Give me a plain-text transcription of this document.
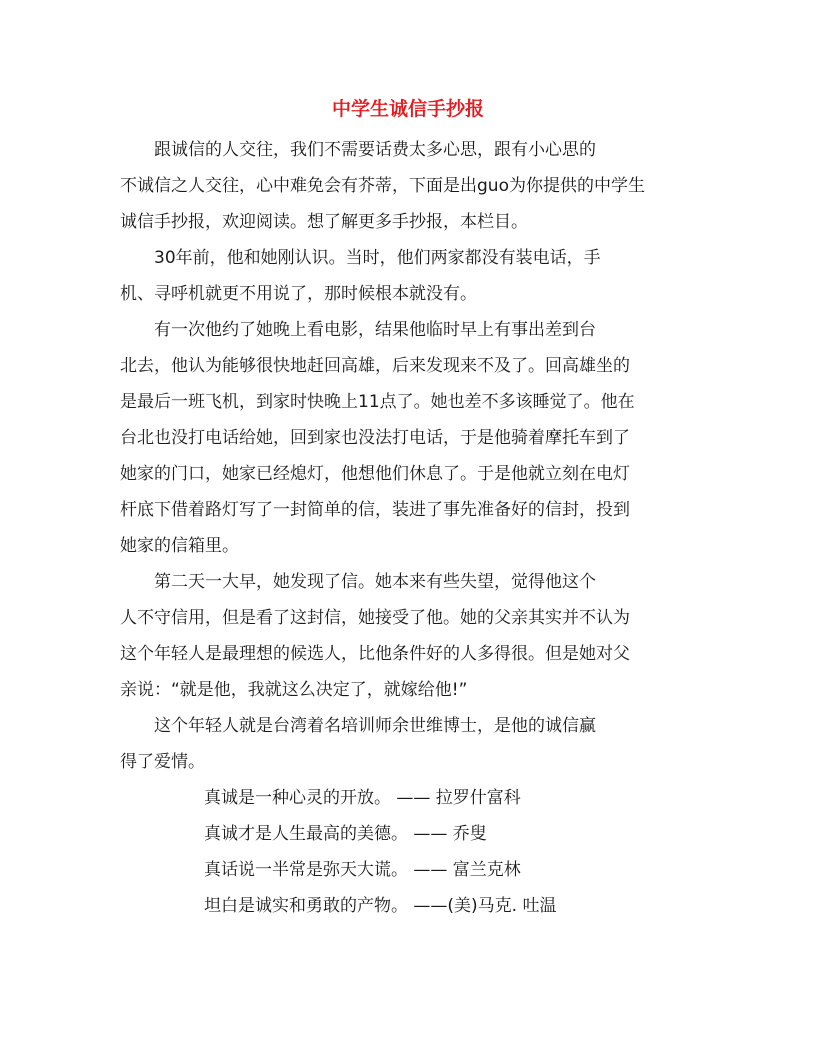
中学生诚信手抄报

跟诚信的人交往，我们不需要话费太多心思，跟有小心思的
不诚信之人交往，心中难免会有芥蒂，下面是出guo为你提供的中学生
诚信手抄报，欢迎阅读。想了解更多手抄报，本栏目。

30年前，他和她刚认识。当时，他们两家都没有装电话，手
机、寻呼机就更不用说了，那时候根本就没有。

有一次他约了她晚上看电影，结果他临时早上有事出差到台
北去，他认为能够很快地赶回高雄，后来发现来不及了。回高雄坐的
是最后一班飞机，到家时快晚上11点了。她也差不多该睡觉了。他在
台北也没打电话给她，回到家也没法打电话，于是他骑着摩托车到了
她家的门口，她家已经熄灯，他想他们休息了。于是他就立刻在电灯
杆底下借着路灯写了一封简单的信，装进了事先准备好的信封，投到
她家的信箱里。

第二天一大早，她发现了信。她本来有些失望，觉得他这个
人不守信用，但是看了这封信，她接受了他。她的父亲其实并不认为
这个年轻人是最理想的候选人，比他条件好的人多得很。但是她对父
亲说：“就是他，我就这么决定了，就嫁给他!”

这个年轻人就是台湾着名培训师余世维博士，是他的诚信赢
得了爱情。

真诚是一种心灵的开放。 —— 拉罗什富科

真诚才是人生最高的美德。 —— 乔叟

真话说一半常是弥天大谎。 —— 富兰克林

坦白是诚实和勇敢的产物。 ——(美)马克. 吐温
